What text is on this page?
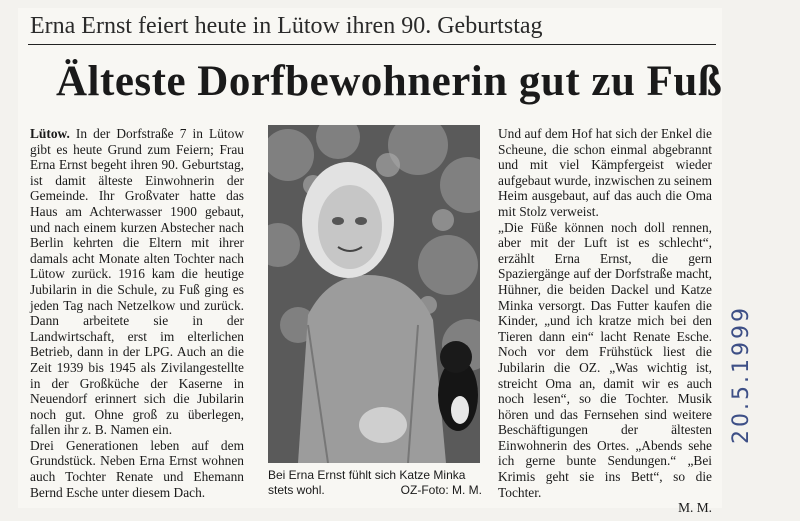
Erna Ernst feiert heute in Lütow ihren 90. Geburtstag
Älteste Dorfbewohnerin gut zu Fuß

Lütow. In der Dorfstraße 7 in Lütow gibt es heute Grund zum Feiern; Frau Erna Ernst begeht ihren 90. Geburtstag, ist damit älteste Einwohnerin der Gemeinde. Ihr Großvater hatte das Haus am Achterwasser 1900 gebaut, und nach einem kurzen Abstecher nach Berlin kehrten die Eltern mit ihrer damals acht Monate alten Tochter nach Lütow zurück. 1916 kam die heutige Jubilarin in die Schule, zu Fuß ging es jeden Tag nach Netzelkow und zurück. Dann arbeitete sie in der Landwirtschaft, erst im elterlichen Betrieb, dann in der LPG. Auch an die Zeit 1939 bis 1945 als Zivilangestellte in der Großküche der Kaserne in Neuendorf erinnert sich die Jubilarin noch gut. Ohne groß zu überlegen, fallen ihr z. B. Namen ein.

Drei Generationen leben auf dem Grundstück. Neben Erna Ernst wohnen auch Tochter Renate und Ehemann Bernd Esche unter diesem Dach.

Bei Erna Ernst fühlt sich Katze Minka stets wohl.	OZ-Foto: M. M.

Und auf dem Hof hat sich der Enkel die Scheune, die schon einmal abgebrannt und mit viel Kämpfergeist wieder aufgebaut wurde, inzwischen zu seinem Heim ausgebaut, auf das auch die Oma mit Stolz verweist.

„Die Füße können noch doll rennen, aber mit der Luft ist es schlecht“, erzählt Erna Ernst, die gern Spaziergänge auf der Dorfstraße macht, Hühner, die beiden Dackel und Katze Minka versorgt. Das Futter kaufen die Kinder, „und ich kratze mich bei den Tieren dann ein“ lacht Renate Esche. Noch vor dem Frühstück liest die Jubilarin die OZ. „Was wichtig ist, streicht Oma an, damit wir es auch noch lesen“, so die Tochter. Musik hören und das Fernsehen sind weitere Beschäftigungen der ältesten Einwohnerin des Ortes. „Abends sehe ich gerne bunte Sendungen.“ „Bei Krimis geht sie ins Bett“, so die Tochter.

M. M.

20.5.1999
